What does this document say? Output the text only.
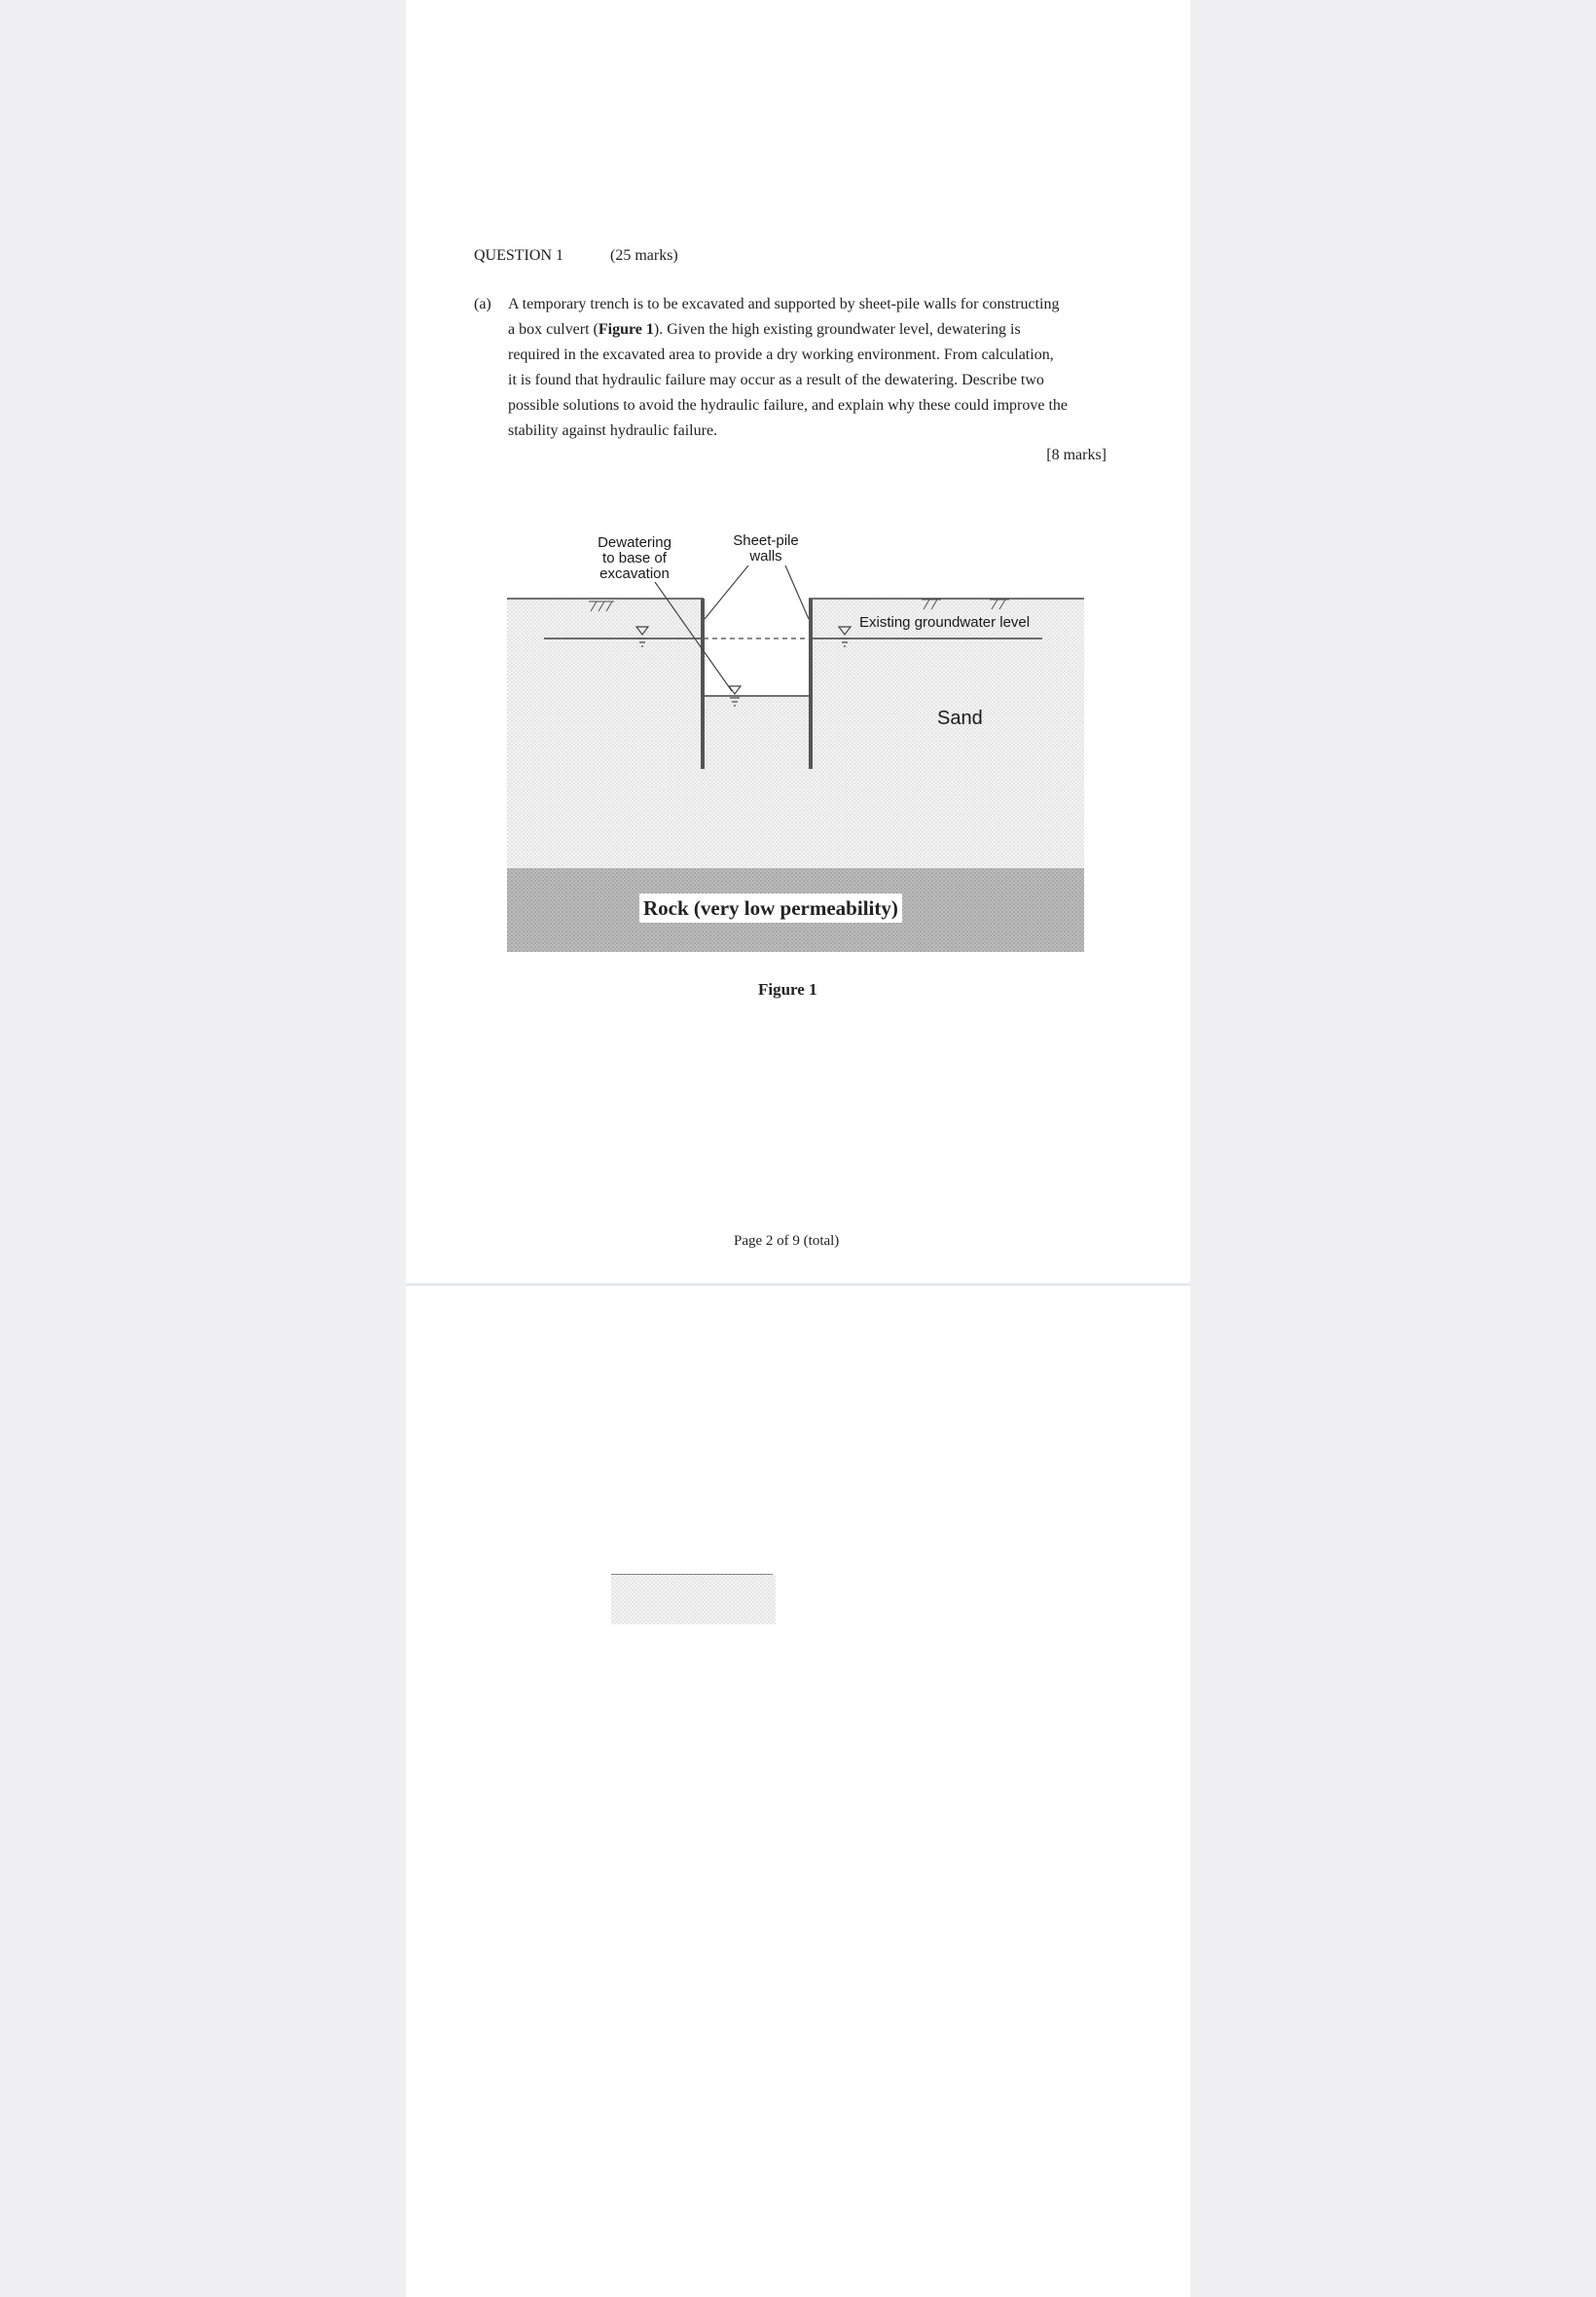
QUESTION 1	(25 marks)
(a) A temporary trench is to be excavated and supported by sheet-pile walls for constructing
a box culvert (Figure 1). Given the high existing groundwater level, dewatering is
required in the excavated area to provide a dry working environment. From calculation,
it is found that hydraulic failure may occur as a result of the dewatering. Describe two
possible solutions to avoid the hydraulic failure, and explain why these could improve the
stability against hydraulic failure.
[8 marks]
Dewatering
to base of
excavation
Sheet-pile
walls
Existing groundwater level
Sand
Rock (very low permeability)
Figure 1
Page 2 of 9 (total)
